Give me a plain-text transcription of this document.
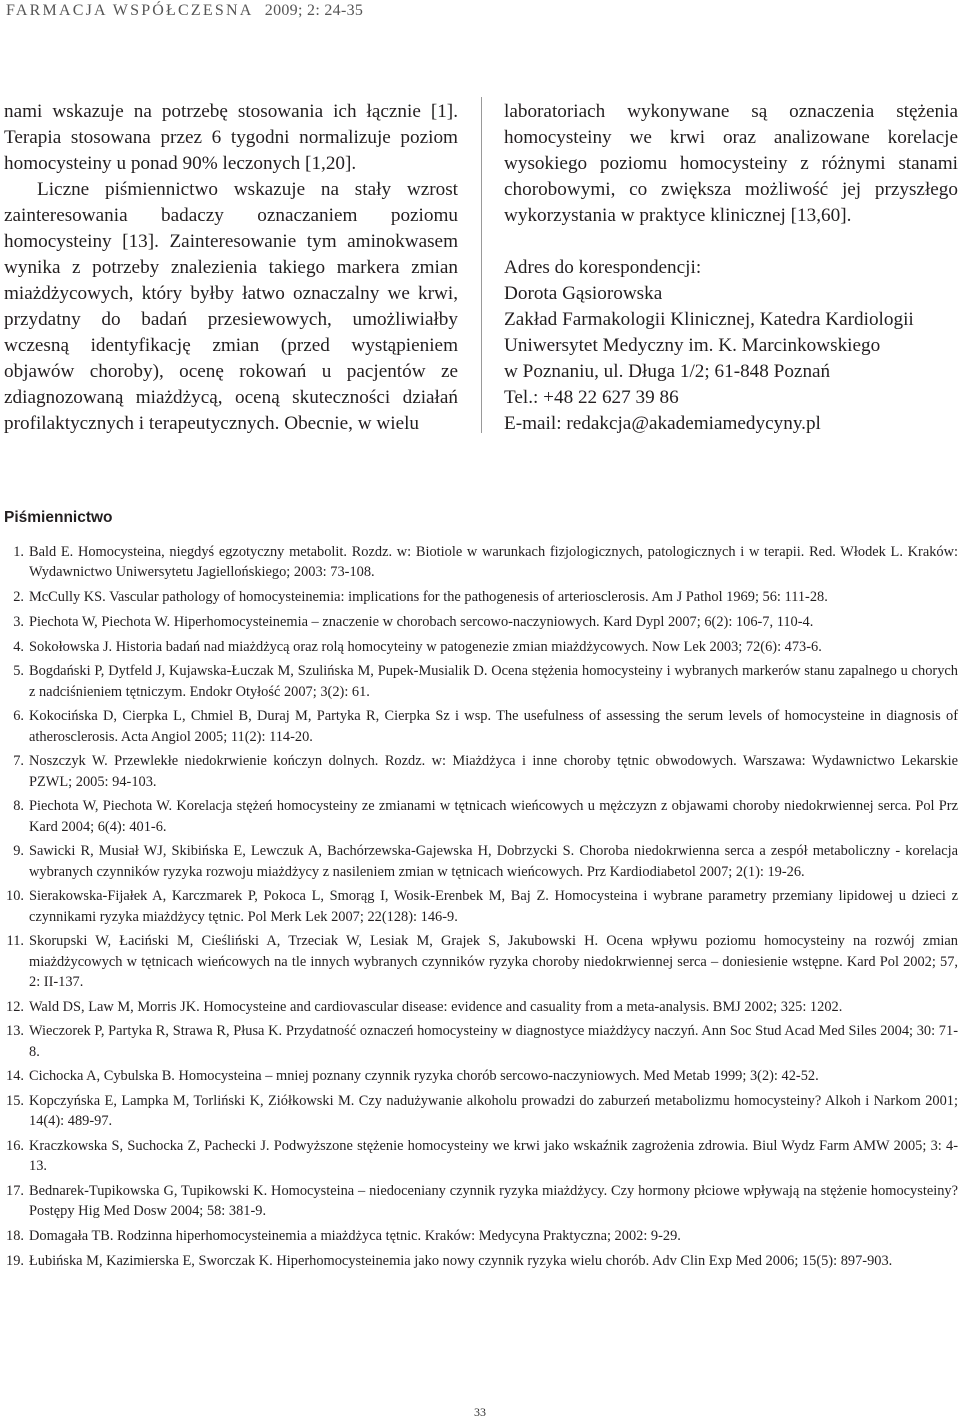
FARMACJA WSPÓŁCZESNA 2009; 2: 24-35

nami wskazuje na potrzebę stosowania ich łącznie [1]. Terapia stosowana przez 6 tygodni normalizuje poziom homocysteiny u ponad 90% leczonych [1,20].

Liczne piśmiennictwo wskazuje na stały wzrost zainteresowania badaczy oznaczaniem poziomu homocysteiny [13]. Zainteresowanie tym aminokwasem wynika z potrzeby znalezienia takiego markera zmian miażdżycowych, który byłby łatwo oznaczalny we krwi, przydatny do badań przesiewowych, umożliwiałby wczesną identyfikację zmian (przed wystąpieniem objawów choroby), ocenę rokowań u pacjentów ze zdiagnozowaną miażdżycą, oceną skuteczności działań profilaktycznych i terapeutycznych. Obecnie, w wielu

laboratoriach wykonywane są oznaczenia stężenia homocysteiny we krwi oraz analizowane korelacje wysokiego poziomu homocysteiny z różnymi stanami chorobowymi, co zwiększa możliwość jej przyszłego wykorzystania w praktyce klinicznej [13,60].

Adres do korespondencji:
Dorota Gąsiorowska
Zakład Farmakologii Klinicznej, Katedra Kardiologii
Uniwersytet Medyczny im. K. Marcinkowskiego
w Poznaniu, ul. Długa 1/2; 61-848 Poznań
Tel.: +48 22 627 39 86
E-mail: redakcja@akademiamedycyny.pl

Piśmiennictwo
1. Bald E. Homocysteina, niegdyś egzotyczny metabolit. Rozdz. w: Biotiole w warunkach fizjologicznych, patologicznych i w terapii. Red. Włodek L. Kraków: Wydawnictwo Uniwersytetu Jagiellońskiego; 2003: 73-108.
2. McCully KS. Vascular pathology of homocysteinemia: implications for the pathogenesis of arteriosclerosis. Am J Pathol 1969; 56: 111-28.
3. Piechota W, Piechota W. Hiperhomocysteinemia – znaczenie w chorobach sercowo-naczyniowych. Kard Dypl 2007; 6(2): 106-7, 110-4.
4. Sokołowska J. Historia badań nad miażdżycą oraz rolą homocyteiny w patogenezie zmian miażdżycowych. Now Lek 2003; 72(6): 473-6.
5. Bogdański P, Dytfeld J, Kujawska-Łuczak M, Szulińska M, Pupek-Musialik D. Ocena stężenia homocysteiny i wybranych markerów stanu zapalnego u chorych z nadciśnieniem tętniczym. Endokr Otyłość 2007; 3(2): 61.
6. Kokocińska D, Cierpka L, Chmiel B, Duraj M, Partyka R, Cierpka Sz i wsp. The usefulness of assessing the serum levels of homocysteine in diagnosis of atherosclerosis. Acta Angiol 2005; 11(2): 114-20.
7. Noszczyk W. Przewlekłe niedokrwienie kończyn dolnych. Rozdz. w: Miażdżyca i inne choroby tętnic obwodowych. Warszawa: Wydawnictwo Lekarskie PZWL; 2005: 94-103.
8. Piechota W, Piechota W. Korelacja stężeń homocysteiny ze zmianami w tętnicach wieńcowych u mężczyzn z objawami choroby niedokrwiennej serca. Pol Prz Kard 2004; 6(4): 401-6.
9. Sawicki R, Musiał WJ, Skibińska E, Lewczuk A, Bachórzewska-Gajewska H, Dobrzycki S. Choroba niedokrwienna serca a zespół metaboliczny - korelacja wybranych czynników ryzyka rozwoju miażdżycy z nasileniem zmian w tętnicach wieńcowych. Prz Kardiodiabetol 2007; 2(1): 19-26.
10. Sierakowska-Fijałek A, Karczmarek P, Pokoca L, Smorąg I, Wosik-Erenbek M, Baj Z. Homocysteina i wybrane parametry przemiany lipidowej u dzieci z czynnikami ryzyka miażdżycy tętnic. Pol Merk Lek 2007; 22(128): 146-9.
11. Skorupski W, Łaciński M, Cieśliński A, Trzeciak W, Lesiak M, Grajek S, Jakubowski H. Ocena wpływu poziomu homocysteiny na rozwój zmian miażdżycowych w tętnicach wieńcowych na tle innych wybranych czynników ryzyka choroby niedokrwiennej serca – doniesienie wstępne. Kard Pol 2002; 57, 2: II-137.
12. Wald DS, Law M, Morris JK. Homocysteine and cardiovascular disease: evidence and casuality from a meta-analysis. BMJ 2002; 325: 1202.
13. Wieczorek P, Partyka R, Strawa R, Płusa K. Przydatność oznaczeń homocysteiny w diagnostyce miażdżycy naczyń. Ann Soc Stud Acad Med Siles 2004; 30: 71-8.
14. Cichocka A, Cybulska B. Homocysteina – mniej poznany czynnik ryzyka chorób sercowo-naczyniowych. Med Metab 1999; 3(2): 42-52.
15. Kopczyńska E, Lampka M, Torliński K, Ziółkowski M. Czy nadużywanie alkoholu prowadzi do zaburzeń metabolizmu homocysteiny? Alkoh i Narkom 2001; 14(4): 489-97.
16. Kraczkowska S, Suchocka Z, Pachecki J. Podwyższone stężenie homocysteiny we krwi jako wskaźnik zagrożenia zdrowia. Biul Wydz Farm AMW 2005; 3: 4-13.
17. Bednarek-Tupikowska G, Tupikowski K. Homocysteina – niedoceniany czynnik ryzyka miażdżycy. Czy hormony płciowe wpływają na stężenie homocysteiny? Postępy Hig Med Dosw 2004; 58: 381-9.
18. Domagała TB. Rodzinna hiperhomocysteinemia a miażdżyca tętnic. Kraków: Medycyna Praktyczna; 2002: 9-29.
19. Łubińska M, Kazimierska E, Sworczak K. Hiperhomocysteinemia jako nowy czynnik ryzyka wielu chorób. Adv Clin Exp Med 2006; 15(5): 897-903.
33
